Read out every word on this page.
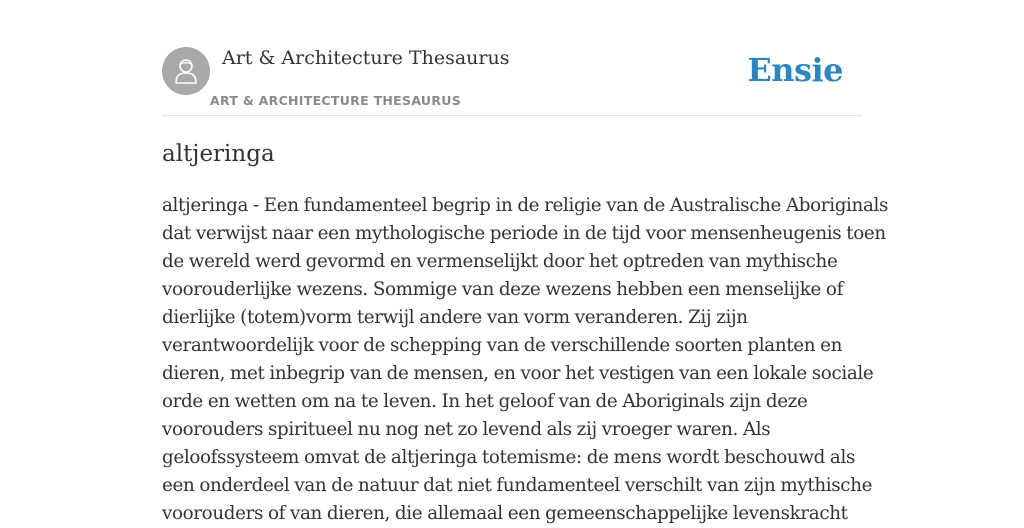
Art & Architecture Thesaurus
ART & ARCHITECTURE THESAURUS
Ensie
altjeringa

altjeringa - Een fundamenteel begrip in de religie van de Australische Aboriginals
dat verwijst naar een mythologische periode in de tijd voor mensenheugenis toen
de wereld werd gevormd en vermenselijkt door het optreden van mythische
voorouderlijke wezens. Sommige van deze wezens hebben een menselijke of
dierlijke (totem)vorm terwijl andere van vorm veranderen. Zij zijn
verantwoordelijk voor de schepping van de verschillende soorten planten en
dieren, met inbegrip van de mensen, en voor het vestigen van een lokale sociale
orde en wetten om na te leven. In het geloof van de Aboriginals zijn deze
voorouders spiritueel nu nog net zo levend als zij vroeger waren. Als
geloofssysteem omvat de altjeringa totemisme: de mens wordt beschouwd als
een onderdeel van de natuur dat niet fundamenteel verschilt van zijn mythische
voorouders of van dieren, die allemaal een gemeenschappelijke levenskracht
